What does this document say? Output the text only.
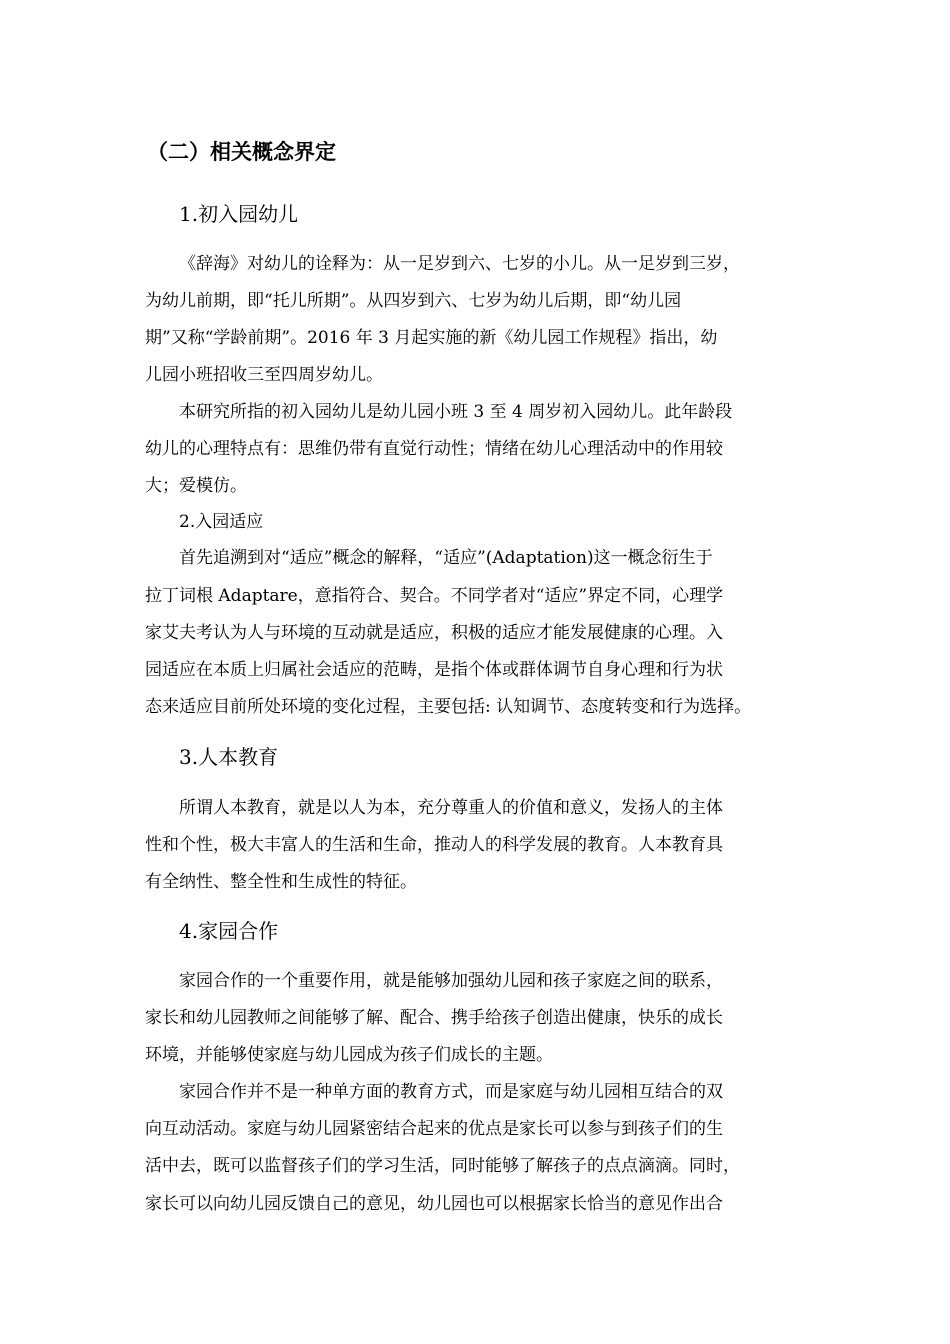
（二）相关概念界定
1.初入园幼儿
《辞海》对幼儿的诠释为：从一足岁到六、七岁的小儿。从一足岁到三岁，
为幼儿前期，即“托儿所期”。从四岁到六、七岁为幼儿后期，即“幼儿园
期”又称“学龄前期”。2016 年 3 月起实施的新《幼儿园工作规程》指出，幼
儿园小班招收三至四周岁幼儿。
本研究所指的初入园幼儿是幼儿园小班 3 至 4 周岁初入园幼儿。此年龄段
幼儿的心理特点有：思维仍带有直觉行动性；情绪在幼儿心理活动中的作用较
大；爱模仿。
2.入园适应
首先追溯到对“适应”概念的解释，“适应”(Adaptation)这一概念衍生于
拉丁词根 Adaptare，意指符合、契合。不同学者对“适应”界定不同，心理学
家艾夫考认为人与环境的互动就是适应，积极的适应才能发展健康的心理。入
园适应在本质上归属社会适应的范畴，是指个体或群体调节自身心理和行为状
态来适应目前所处环境的变化过程，主要包括: 认知调节、态度转变和行为选择。
3.人本教育
所谓人本教育，就是以人为本，充分尊重人的价值和意义，发扬人的主体
性和个性，极大丰富人的生活和生命，推动人的科学发展的教育。人本教育具
有全纳性、整全性和生成性的特征。
4.家园合作
家园合作的一个重要作用，就是能够加强幼儿园和孩子家庭之间的联系，
家长和幼儿园教师之间能够了解、配合、携手给孩子创造出健康，快乐的成长
环境，并能够使家庭与幼儿园成为孩子们成长的主题。
家园合作并不是一种单方面的教育方式，而是家庭与幼儿园相互结合的双
向互动活动。家庭与幼儿园紧密结合起来的优点是家长可以参与到孩子们的生
活中去，既可以监督孩子们的学习生活，同时能够了解孩子的点点滴滴。同时，
家长可以向幼儿园反馈自己的意见，幼儿园也可以根据家长恰当的意见作出合
